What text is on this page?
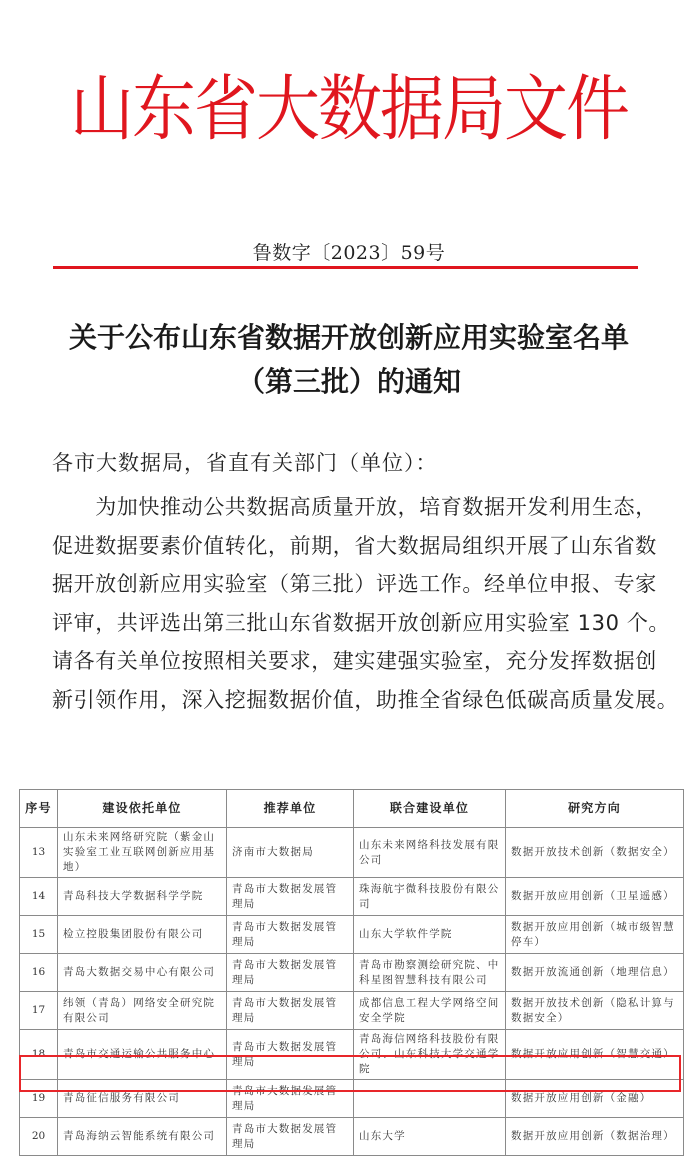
山东省大数据局文件
鲁数字〔2023〕59号
关于公布山东省数据开放创新应用实验室名单
（第三批）的通知
各市大数据局，省直有关部门（单位）：
　　为加快推动公共数据高质量开放，培育数据开发利用生态，
促进数据要素价值转化，前期，省大数据局组织开展了山东省数
据开放创新应用实验室（第三批）评选工作。经单位申报、专家
评审，共评选出第三批山东省数据开放创新应用实验室 130 个。
请各有关单位按照相关要求，建实建强实验室，充分发挥数据创
新引领作用，深入挖掘数据价值，助推全省绿色低碳高质量发展。
序号	建设依托单位	推荐单位	联合建设单位	研究方向
13	山东未来网络研究院（紫金山实验室工业互联网创新应用基地）	济南市大数据局	山东未来网络科技发展有限公司	数据开放技术创新（数据安全）
14	青岛科技大学数据科学学院	青岛市大数据发展管理局	珠海航宇微科技股份有限公司	数据开放应用创新（卫星遥感）
15	检立控股集团股份有限公司	青岛市大数据发展管理局	山东大学软件学院	数据开放应用创新（城市级智慧停车）
16	青岛大数据交易中心有限公司	青岛市大数据发展管理局	青岛市勘察测绘研究院、中科星图智慧科技有限公司	数据开放流通创新（地理信息）
17	纬领（青岛）网络安全研究院有限公司	青岛市大数据发展管理局	成都信息工程大学网络空间安全学院	数据开放技术创新（隐私计算与数据安全）
18	青岛市交通运输公共服务中心	青岛市大数据发展管理局	青岛海信网络科技股份有限公司、山东科技大学交通学院	数据开放应用创新（智慧交通）
19	青岛征信服务有限公司	青岛市大数据发展管理局		数据开放应用创新（金融）
20	青岛海纳云智能系统有限公司	青岛市大数据发展管理局	山东大学	数据开放应用创新（数据治理）
